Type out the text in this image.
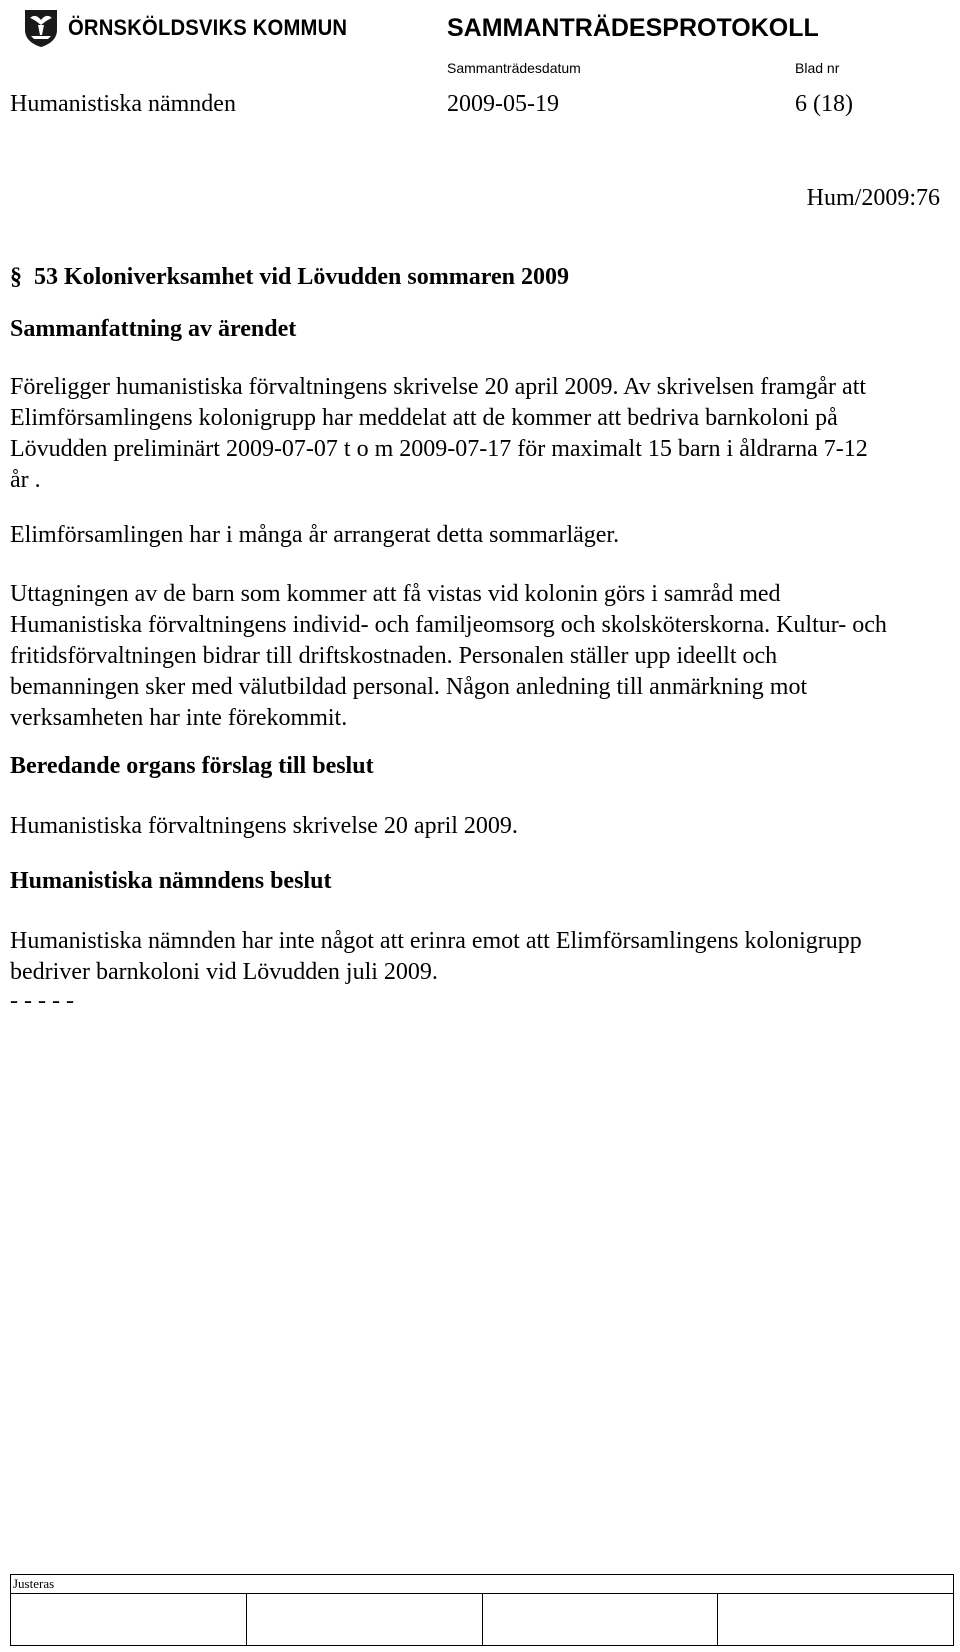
ÖRNSKÖLDSVIKS KOMMUN	SAMMANTRÄDESPROTOKOLL
Sammanträdesdatum	Blad nr
Humanistiska nämnden	2009-05-19	6 (18)
Hum/2009:76
§ 53 Koloniverksamhet vid Lövudden sommaren 2009
Sammanfattning av ärendet

Föreligger humanistiska förvaltningens skrivelse 20 april 2009. Av skrivelsen framgår att Elimförsamlingens kolonigrupp har meddelat att de kommer att bedriva barnkoloni på Lövudden preliminärt 2009-07-07 t o m 2009-07-17 för maximalt 15 barn i åldrarna 7-12 år .

Elimförsamlingen har i många år arrangerat detta sommarläger.

Uttagningen av de barn som kommer att få vistas vid kolonin görs i samråd med Humanistiska förvaltningens individ- och familjeomsorg och skolsköterskorna. Kultur- och fritidsförvaltningen bidrar till driftskostnaden. Personalen ställer upp ideellt och bemanningen sker med välutbildad personal. Någon anledning till anmärkning mot verksamheten har inte förekommit.

Beredande organs förslag till beslut

Humanistiska förvaltningens skrivelse 20 april 2009.

Humanistiska nämndens beslut

Humanistiska nämnden har inte något att erinra emot att Elimförsamlingens kolonigrupp bedriver barnkoloni vid Lövudden juli 2009.

- - - - -

Justeras
